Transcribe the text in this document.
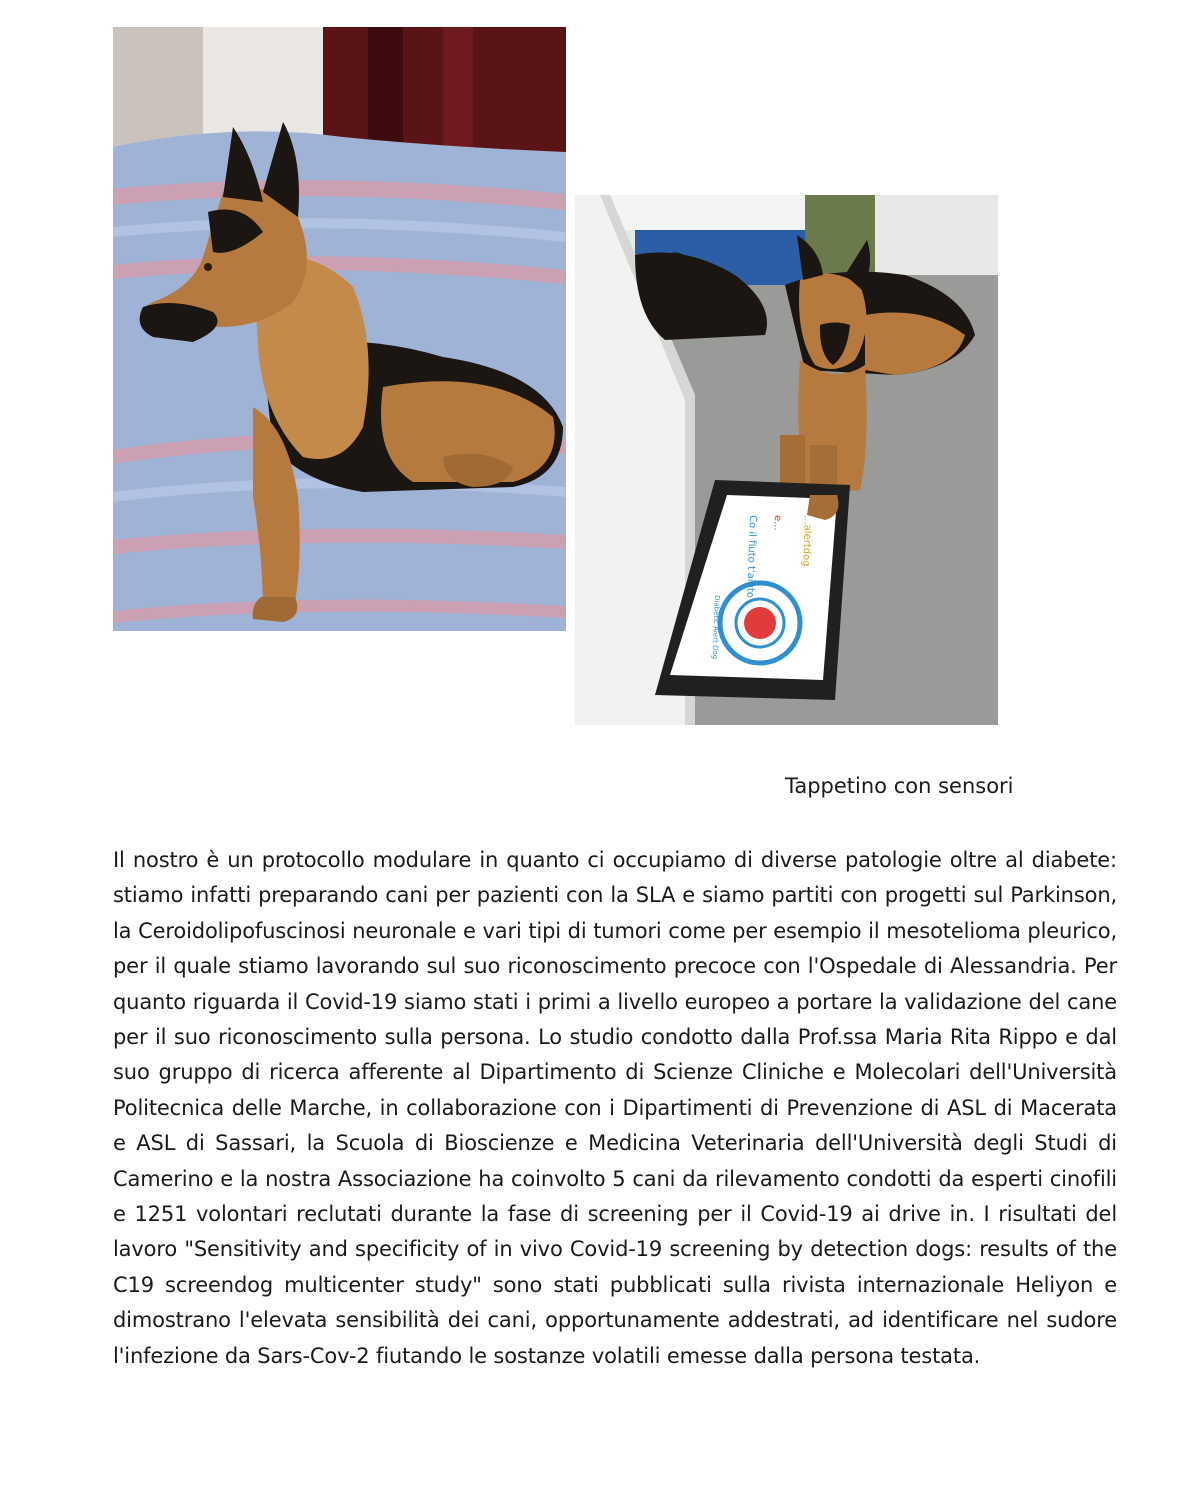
Co il fiuto t'aiuto	...alertdog
e...
Diabetic Alert Dog
Tappetino con sensori

Il nostro è un protocollo modulare in quanto ci occupiamo di diverse patologie oltre al diabete: stiamo infatti preparando cani per pazienti con la SLA e siamo partiti con progetti sul Parkinson, la Ceroidolipofuscinosi neuronale e vari tipi di tumori come per esempio il mesotelioma pleurico, per il quale stiamo lavorando sul suo riconoscimento precoce con l'Ospedale di Alessandria. Per quanto riguarda il Covid-19 siamo stati i primi a livello europeo a portare la validazione del cane per il suo riconoscimento sulla persona. Lo studio condotto dalla Prof.ssa Maria Rita Rippo e dal suo gruppo di ricerca afferente al Dipartimento di Scienze Cliniche e Molecolari dell'Università Politecnica delle Marche, in collaborazione con i Dipartimenti di Prevenzione di ASL di Macerata e ASL di Sassari, la Scuola di Bioscienze e Medicina Veterinaria dell'Università degli Studi di Camerino e la nostra Associazione ha coinvolto 5 cani da rilevamento condotti da esperti cinofili e 1251 volontari reclutati durante la fase di screening per il Covid-19 ai drive in. I risultati del lavoro "Sensitivity and specificity of in vivo Covid-19 screening by detection dogs: results of the C19 screendog multicenter study" sono stati pubblicati sulla rivista internazionale Heliyon e dimostrano l'elevata sensibilità dei cani, opportunamente addestrati, ad identificare nel sudore l'infezione da Sars-Cov-2 fiutando le sostanze volatili emesse dalla persona testata.
